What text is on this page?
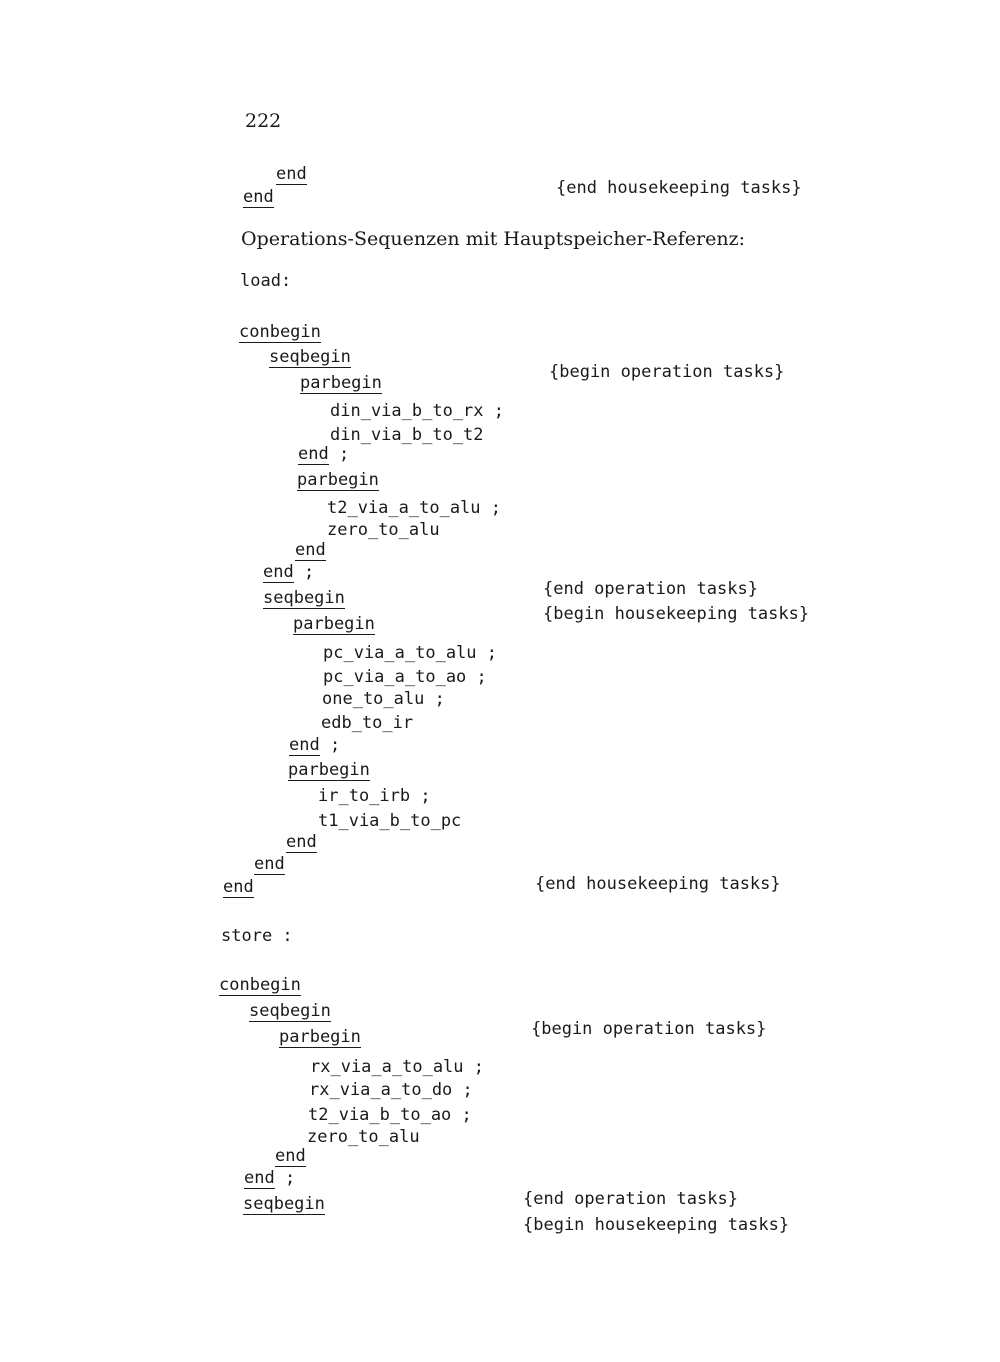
222
end
end	{end housekeeping tasks}
Operations-Sequenzen mit Hauptspeicher-Referenz:
load:
conbegin
seqbegin
{begin operation tasks}
parbegin
din_via_b_to_rx ;
din_via_b_to_t2
end ;
parbegin
t2_via_a_to_alu ;
zero_to_alu
end
end ;
{end operation tasks}
seqbegin
{begin housekeeping tasks}
parbegin
pc_via_a_to_alu ;
pc_via_a_to_ao ;
one_to_alu ;
edb_to_ir
end ;
parbegin
ir_to_irb ;
t1_via_b_to_pc
end
end
end	{end housekeeping tasks}
store :
conbegin
seqbegin
{begin operation tasks}
parbegin
rx_via_a_to_alu ;
rx_via_a_to_do ;
t2_via_b_to_ao ;
zero_to_alu
end
end ;
{end operation tasks}
seqbegin
{begin housekeeping tasks}
